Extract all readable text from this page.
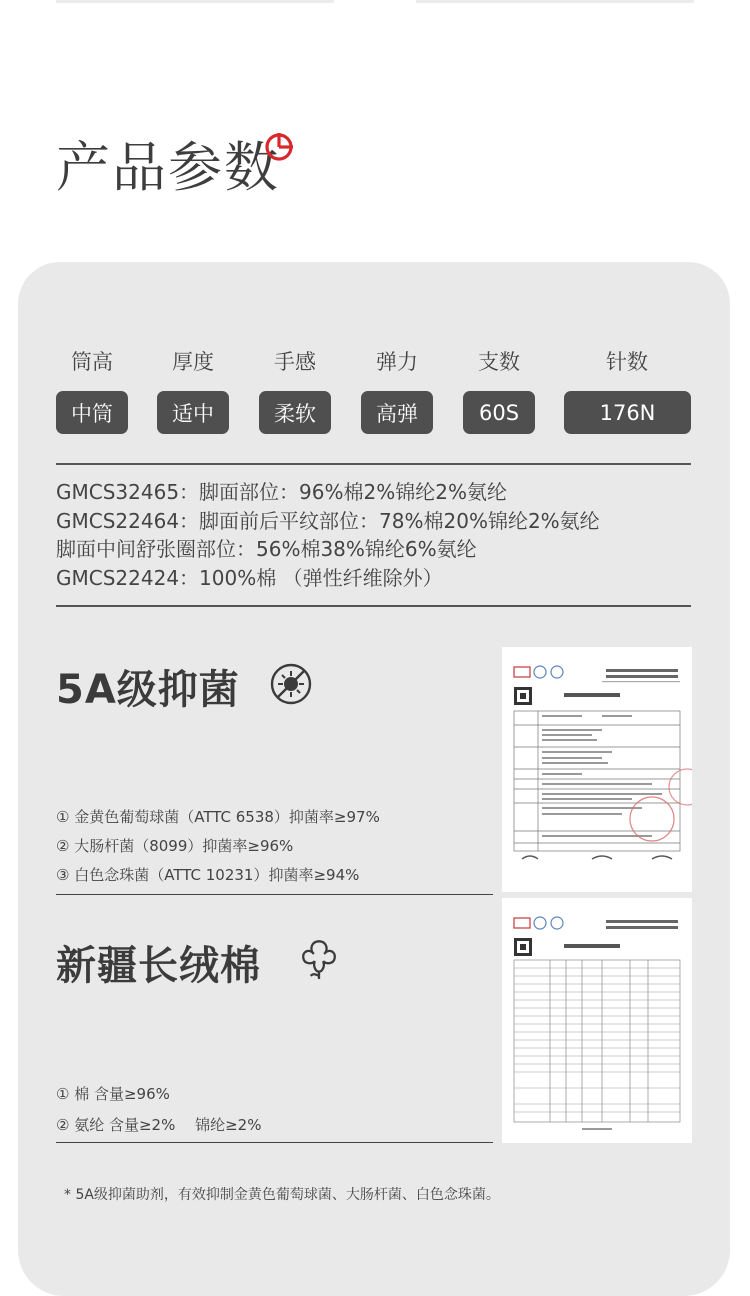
产品参数
筒高	厚度	手感	弹力	支数	针数
中筒	适中	柔软	高弹	60S	176N
GMCS32465：脚面部位：96%棉2%锦纶2%氨纶
GMCS22464：脚面前后平纹部位：78%棉20%锦纶2%氨纶
脚面中间舒张圈部位：56%棉38%锦纶6%氨纶
GMCS22424：100%棉 （弹性纤维除外）
5A级抑菌
① 金黄色葡萄球菌（ATTC 6538）抑菌率≥97%
② 大肠杆菌（8099）抑菌率≥96%
③ 白色念珠菌（ATTC 10231）抑菌率≥94%
新疆长绒棉
① 棉 含量≥96%
② 氨纶 含量≥2%　 锦纶≥2%
* 5A级抑菌助剂，有效抑制金黄色葡萄球菌、大肠杆菌、白色念珠菌。
